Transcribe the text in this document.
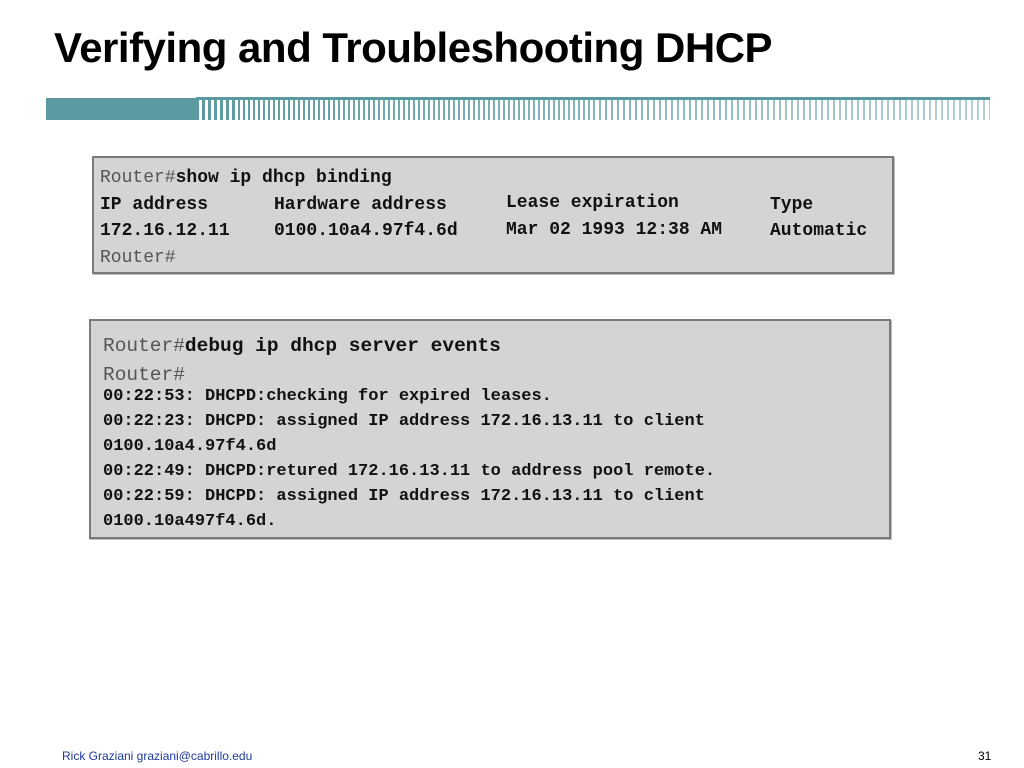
Verifying and Troubleshooting DHCP
Router#show ip dhcp binding
IP address	Hardware address	Lease expiration	Type
172.16.12.11 0100.10a4.97f4.6d	Mar 02 1993 12:38 AM	Automatic
Router#
Router#debug ip dhcp server events
Router#
00:22:53: DHCPD:checking for expired leases.
00:22:23: DHCPD: assigned IP address 172.16.13.11 to client
0100.10a4.97f4.6d
00:22:49: DHCPD:retured 172.16.13.11 to address pool remote.
00:22:59: DHCPD: assigned IP address 172.16.13.11 to client
0100.10a497f4.6d.
Rick Graziani graziani@cabrillo.edu	31
